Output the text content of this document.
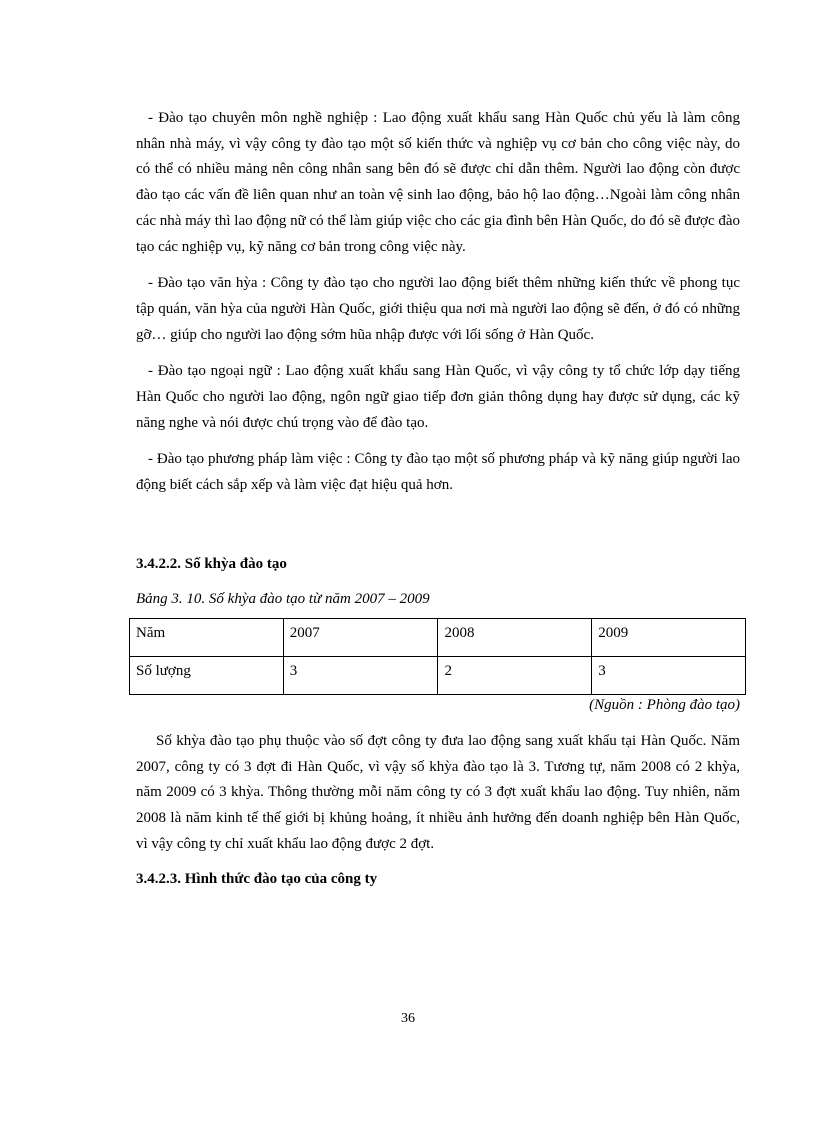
- Đào tạo chuyên môn nghề nghiệp : Lao động xuất khẩu sang Hàn Quốc chủ yếu là làm công nhân nhà máy, vì vậy công ty đào tạo một số kiến thức và nghiệp vụ cơ bản cho công việc này, do có thể có nhiều mảng nên công nhân sang bên đó sẽ được chỉ dẫn thêm. Người lao động còn được đào tạo các vấn đề liên quan như an toàn vệ sinh lao động, bảo hộ lao động…Ngoài làm công nhân các nhà máy thì lao động nữ có thể làm giúp việc cho các gia đình bên Hàn Quốc, do đó sẽ được đào tạo các nghiệp vụ, kỹ năng cơ bản trong công việc này.

- Đào tạo văn hỳa : Công ty đào tạo cho người lao động biết thêm những kiến thức về phong tục tập quán, văn hỳa của người Hàn Quốc, giới thiệu qua nơi mà người lao động sẽ đến, ở đó có những gỡ… giúp cho người lao động sớm hũa nhập được với lối sống ở Hàn Quốc.

- Đào tạo ngoại ngữ : Lao động xuất khẩu sang Hàn Quốc, vì vậy công ty tổ chức lớp dạy tiếng Hàn Quốc cho người lao động, ngôn ngữ giao tiếp đơn giản thông dụng hay được sử dụng, các kỹ năng nghe và nói được chú trọng vào để đào tạo.

- Đào tạo phương pháp làm việc : Công ty đào tạo một số phương pháp và kỹ năng giúp người lao động biết cách sắp xếp và làm việc đạt hiệu quả hơn.

3.4.2.2. Số khỳa đào tạo

Bảng 3. 10. Số khỳa đào tạo từ năm 2007 – 2009

Năm	2007	2008	2009
Số lượng	3	2	3

(Nguồn : Phòng đào tạo)

Số khỳa đào tạo phụ thuộc vào số đợt công ty đưa lao động sang xuất khẩu tại Hàn Quốc. Năm 2007, công ty có 3 đợt đi Hàn Quốc, vì vậy số khỳa đào tạo là 3. Tương tự, năm 2008 có 2 khỳa, năm 2009 có 3 khỳa. Thông thường mỗi năm công ty có 3 đợt xuất khẩu lao động. Tuy nhiên, năm 2008 là năm kinh tế thế giới bị khủng hoảng, ít nhiều ảnh hưởng đến doanh nghiệp bên Hàn Quốc, vì vậy công ty chỉ xuất khẩu lao động được 2 đợt.

3.4.2.3. Hình thức đào tạo của công ty

36
